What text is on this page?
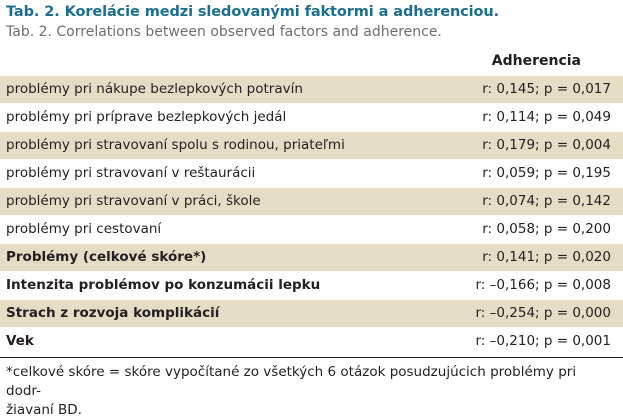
Tab. 2. Korelácie medzi sledovanými faktormi a adherenciou.
Tab. 2. Correlations between observed factors and adherence.
Adherencia
problémy pri nákupe bezlepkových potravín	r: 0,145; p = 0,017
problémy pri príprave bezlepkových jedál	r: 0,114; p = 0,049
problémy pri stravovaní spolu s rodinou, priateľmi	r: 0,179; p = 0,004
problémy pri stravovaní v reštaurácii	r: 0,059; p = 0,195
problémy pri stravovaní v práci, škole	r: 0,074; p = 0,142
problémy pri cestovaní	r: 0,058; p = 0,200
Problémy (celkové skóre*)	r: 0,141; p = 0,020
Intenzita problémov po konzumácii lepku	r: –0,166; p = 0,008
Strach z rozvoja komplikácií	r: –0,254; p = 0,000
Vek	r: –0,210; p = 0,001
*celkové skóre = skóre vypočítané zo všetkých 6 otázok posudzujúcich problémy pri dodr-
žiavaní BD.
